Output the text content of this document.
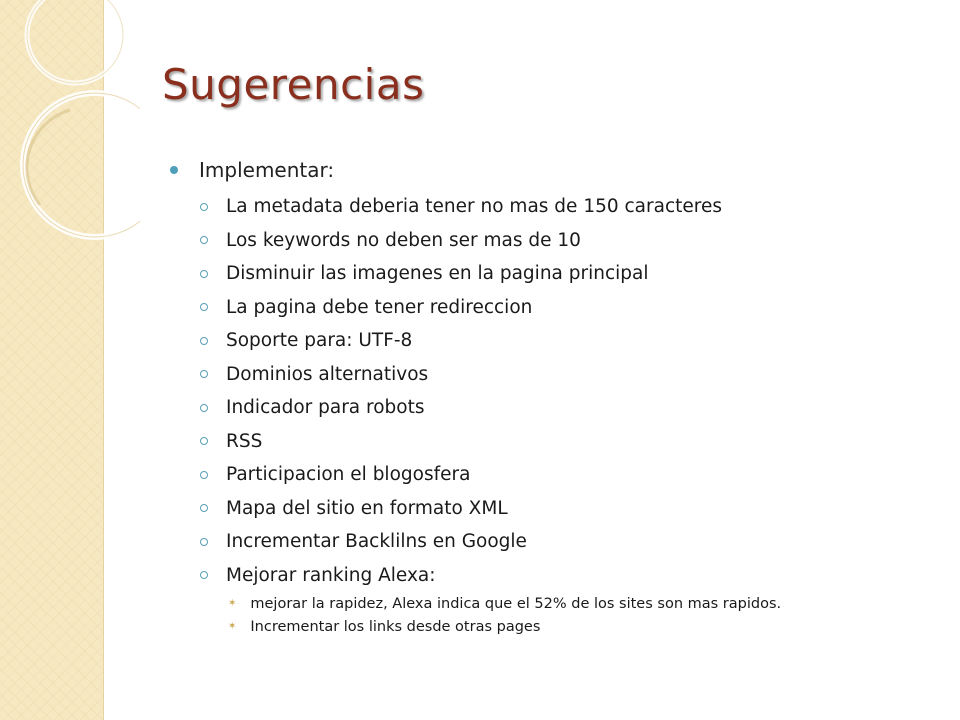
Sugerencias
Implementar:
La metadata deberia tener no mas de 150 caracteres
Los keywords no deben ser mas de 10
Disminuir las imagenes en la pagina principal
La pagina debe tener redireccion
Soporte para: UTF-8
Dominios alternativos
Indicador para robots
RSS
Participacion el blogosfera
Mapa del sitio en formato XML
Incrementar Backlilns en Google
Mejorar ranking Alexa:
✶ mejorar la rapidez, Alexa indica que el 52% de los sites son mas rapidos.
✶ Incrementar los links desde otras pages
